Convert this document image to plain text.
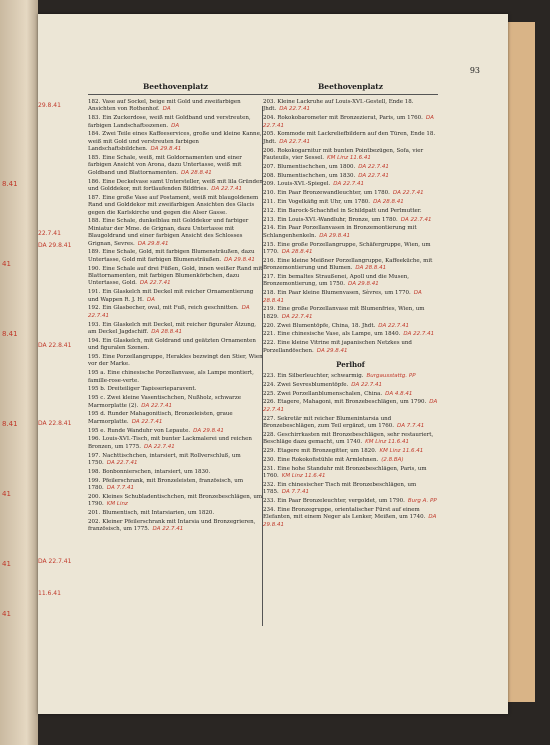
8.41
41
8.41
8.41
41
41
41
93
29.8.41
22.7.41
DA 29.8.41
DA 22.8.41
DA 22.8.41
DA 22.7.41
11.6.41
Beethovenplatz
182. Vase auf Sockel, beige mit Gold und zweifarbigen Ansichten von Rothenhof. DA
183. Ein Zuckerdose, weiß mit Goldband und verstreuten, farbigen Landschaftsszenen. DA
184. Zwei Teile eines Kaffeeservices, große und kleine Kanne, weiß mit Gold und verstreuten farbigen Landschaftsbildchen. DA 29.8.41
185. Eine Schale, weiß, mit Goldornamenten und einer farbigen Ansicht von Arona, dazu Untertasse, weiß mit Goldband und Blattornamenten. DA 28.8.41
186. Eine Deckelvase samt Untersteller, weiß mit lila Gründen und Golddekor, mit fortlaufenden Bildfries. DA 22.7.41
187. Eine große Vase auf Postament, weiß mit blaugoldenem Rand und Golddekor mit zweifarbigen Ansichten des Glacis gegen die Karlskirche und gegen die Alser Gasse.
188. Eine Schale, dunkelblau mit Golddekor und farbiger Miniatur der Mme. de Grignan, dazu Untertasse mit Blaugoldrand und einer farbigen Ansicht des Schlosses Grignan, Sevres. DA 29.8.41
189. Eine Schale, Gold, mit farbigen Blumensträußen, dazu Untertasse, Gold mit farbigen Blumensträußen. DA 29.8.41
190. Eine Schale auf drei Füßen, Gold, innen weißer Rand mit Blattornamenten, mit farbigen Blumenkörbchen, dazu Untertasse, Gold. DA 22.7.41
191. Ein Glaskelch mit Deckel mit reicher Ornamentierung und Wappen R. J. H. DA
192. Ein Glasbecher, oval, mit Fuß, reich geschnitten. DA 22.7.41
193. Ein Glaskelch mit Deckel, mit reicher figuraler Ätzung, am Deckel Jagdschiff. DA 28.8.41
194. Ein Glaskelch, mit Goldrand und geätzten Ornamenten und figuralen Szenen.
195. Eine Porzellangruppe, Herakles bezwingt den Stier, Wien vor der Marke.
195 a. Eine chinesische Porzellanvase, als Lampe montiert, famille-rose-verte.
195 b. Dreiteiliger Tapisserieparavent.
195 c. Zwei kleine Vasentischchen, Nußholz, schwarze Marmorplatte (2). DA 22.7.41
195 d. Runder Mahagonitisch, Bronzeleisten, graue Marmorplatte. DA 22.7.41
195 e. Runde Wanduhr von Lepaute. DA 29.8.41
196. Louis-XVI.-Tisch, mit bunter Lackmalerei und reichen Bronzen, um 1775. DA 22.7.41
197. Nachttischchen, intarsiert, mit Rollverschluß, um 1750. DA 22.7.41
198. Bonbonnierschen, intarsiert, um 1830.
199. Pfeilerschrank, mit Bronzeleisten, französisch, um 1780. DA 7.7.41
200. Kleines Schubladentischchen, mit Bronzebeschlägen, um 1790. KM Linz
201. Blumentisch, mit Intarsiarien, um 1820.
202. Kleiner Pfeilerschrank mit Intarsia und Bronzegrieren, französisch, um 1775. DA 22.7.41
Beethovenplatz
203. Kleine Lackruhe auf Louis-XVI.-Gestell, Ende 18. Jhdt. DA 22.7.41
204. Rokokobarometer mit Bronzezierat, Paris, um 1760. DA 22.7.41
205. Kommode mit Lackreliefbildern auf den Türen, Ende 18. Jhdt. DA 22.7.41
206. Rokokogarnitur mit bunten Pointbezügen, Sofa, vier Fauteuils, vier Sessel. KM Linz 11.6.41
207. Blumentischchen, um 1800. DA 22.7.41
208. Blumentischchen, um 1830. DA 22.7.41
209. Louis-XVI.-Spiegel. DA 22.7.41
210. Ein Paar Bronzewandleuchter, um 1780. DA 22.7.41
211. Ein Vogelkäfig mit Uhr, um 1780. DA 28.8.41
212. Ein Barock-Schachfiel in Schildpatt und Perlmutter.
213. Ein Louis-XVI.-Wandluhr, Bronze, um 1780. DA 22.7.41
214. Ein Paar Porzellanvasen in Bronzemontierung mit Schlangenhenkeln. DA 29.8.41
215. Eine große Porzellangruppe, Schäfergruppe, Wien, um 1770. DA 28.8.41
216. Eine kleine Meißner Porzellangruppe, Kaffeeküche, mit Bronzemontierung und Blumen. DA 28.8.41
217. Ein bemaltes Straußenei, Apoll und die Musen, Bronzemontierung, um 1750. DA 29.8.41
218. Ein Paar kleine Blumenvasen, Sèvres, um 1770. DA 28.8.41
219. Eine große Porzellanvase mit Blumenfries, Wien, um 1829. DA 22.7.41
220. Zwei Blumentöpfe, China, 18. Jhdt. DA 22.7.41
221. Eine chinesische Vase, als Lampe, um 1840. DA 22.7.41
222. Eine kleine Vitrine mit japanischen Netzkes und Porzellandöschen. DA 29.8.41
Perlhof
223. Ein Silberleuchter, schwarmig. Burgausstattg. PP
224. Zwei Sevresblumentöpfe. DA 22.7.41
225. Zwei Porzellanblumenschalen, China. DA 4.8.41
226. Etagere, Mahagoni, mit Bronzebeschlägen, um 1790. DA 22.7.41
227. Sekretär mit reicher Blumenintarsia und Bronzebeschlägen, zum Teil ergänzt, um 1760. DA 7.7.41
228. Geschirrkasten mit Bronzebeschlägen, sehr restauriert, Beschläge dazu gemacht, um 1740. KM Linz 11.6.41
229. Etagere mit Bronzegitter, um 1820. KM Linz 11.6.41
230. Eine Rokokofistühle mit Armlehnen. (2.8.BA)
231. Eine hohe Standuhr mit Bronzebeschlägen, Paris, um 1760. KM Linz 11.6.41
232. Ein chinesischer Tisch mit Bronzebeschlägen, um 1785. DA 7.7.41
233. Ein Paar Bronzeleuchter, vergoldet, um 1790. Burg A. PP
234. Eine Bronzegruppe, orientalischer Fürst auf einem Elefanten, mit einem Neger als Lenker, Meißen, um 1740. DA 29.8.41
